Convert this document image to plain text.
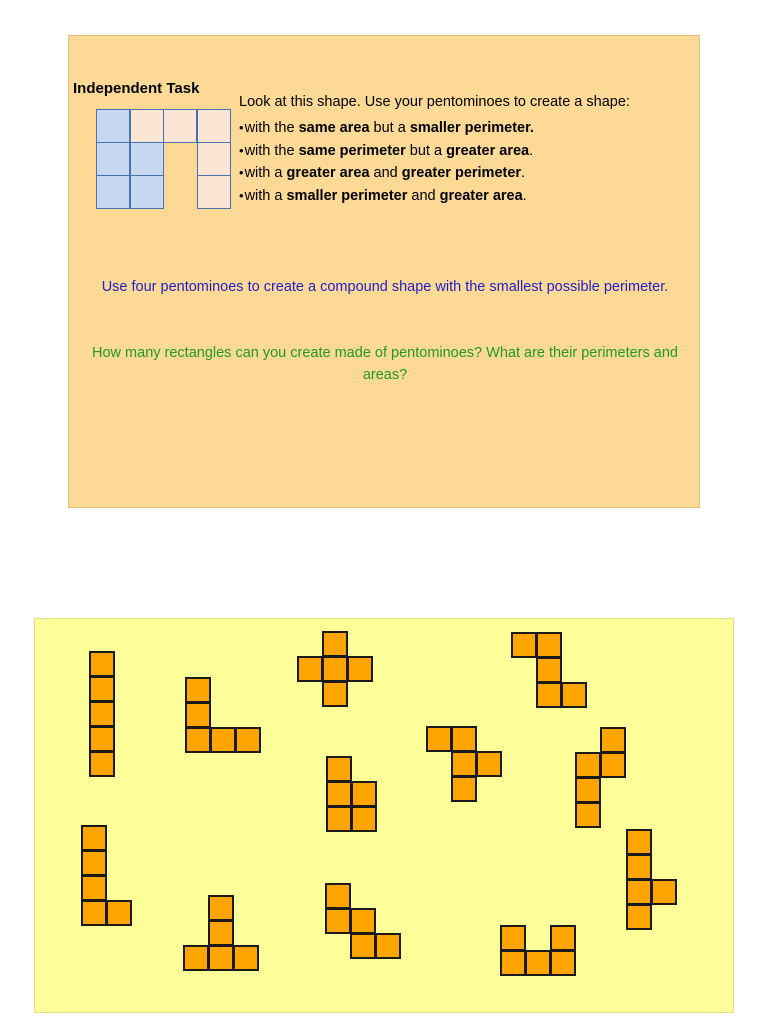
Independent Task
Look at this shape. Use your pentominoes to create a shape:
•with the same area but a smaller perimeter.
•with the same perimeter but a greater area.
•with a greater area and greater perimeter.
•with a smaller perimeter and greater area.
Use four pentominoes to create a compound shape with the smallest possible perimeter.
How many rectangles can you create made of pentominoes? What are their perimeters and areas?
